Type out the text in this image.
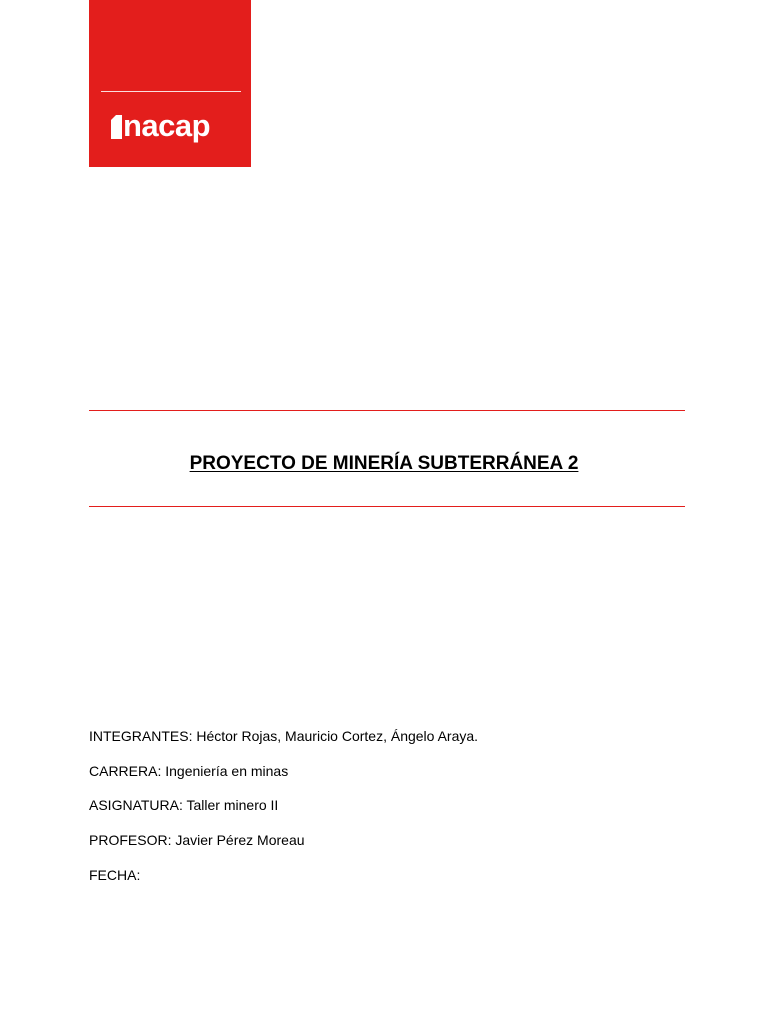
nacap
PROYECTO DE MINERÍA SUBTERRÁNEA 2
INTEGRANTES: Héctor Rojas, Mauricio Cortez, Ángelo Araya.
CARRERA: Ingeniería en minas
ASIGNATURA: Taller minero II
PROFESOR: Javier Pérez Moreau
FECHA:
